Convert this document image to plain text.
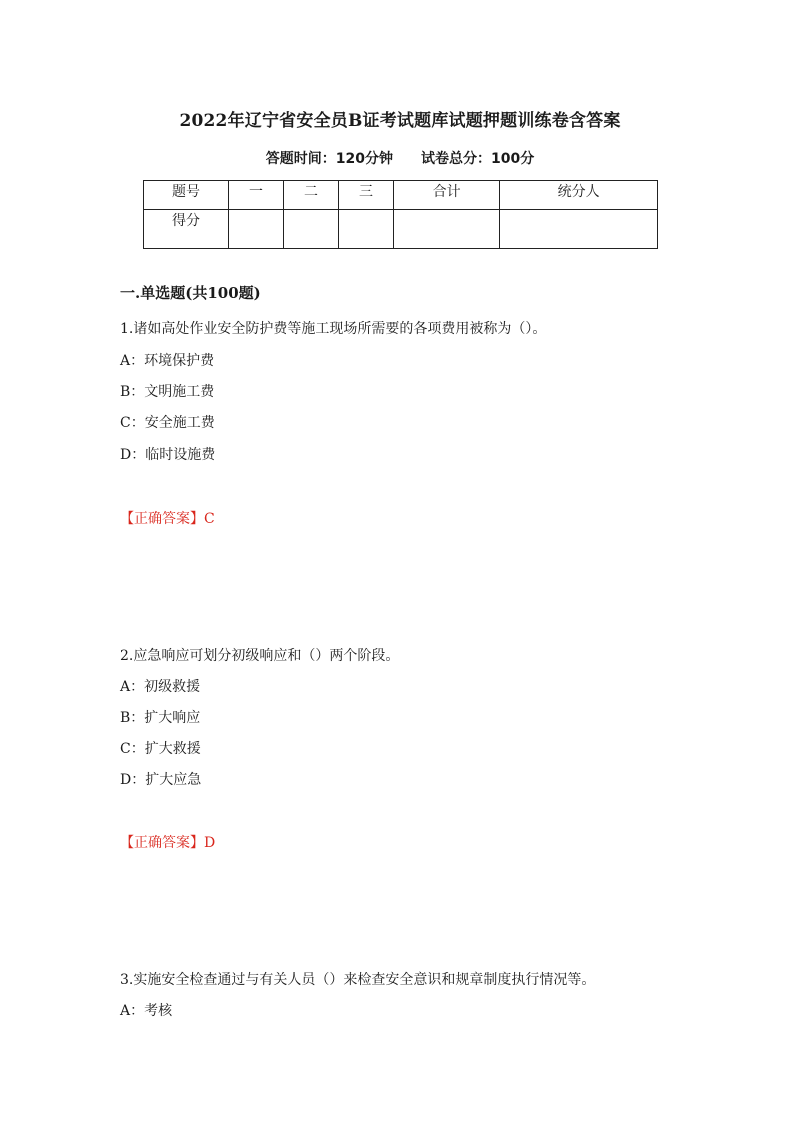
2022年辽宁省安全员B证考试题库试题押题训练卷含答案
答题时间：120分钟 试卷总分：100分
题号	一	二	三	合计	统分人
得分					
一.单选题(共100题)
1.诸如高处作业安全防护费等施工现场所需要的各项费用被称为（）。
A：环境保护费
B：文明施工费
C：安全施工费
D：临时设施费
【正确答案】C
2.应急响应可划分初级响应和（）两个阶段。
A：初级救援
B：扩大响应
C：扩大救援
D：扩大应急
【正确答案】D
3.实施安全检查通过与有关人员（）来检查安全意识和规章制度执行情况等。
A：考核
